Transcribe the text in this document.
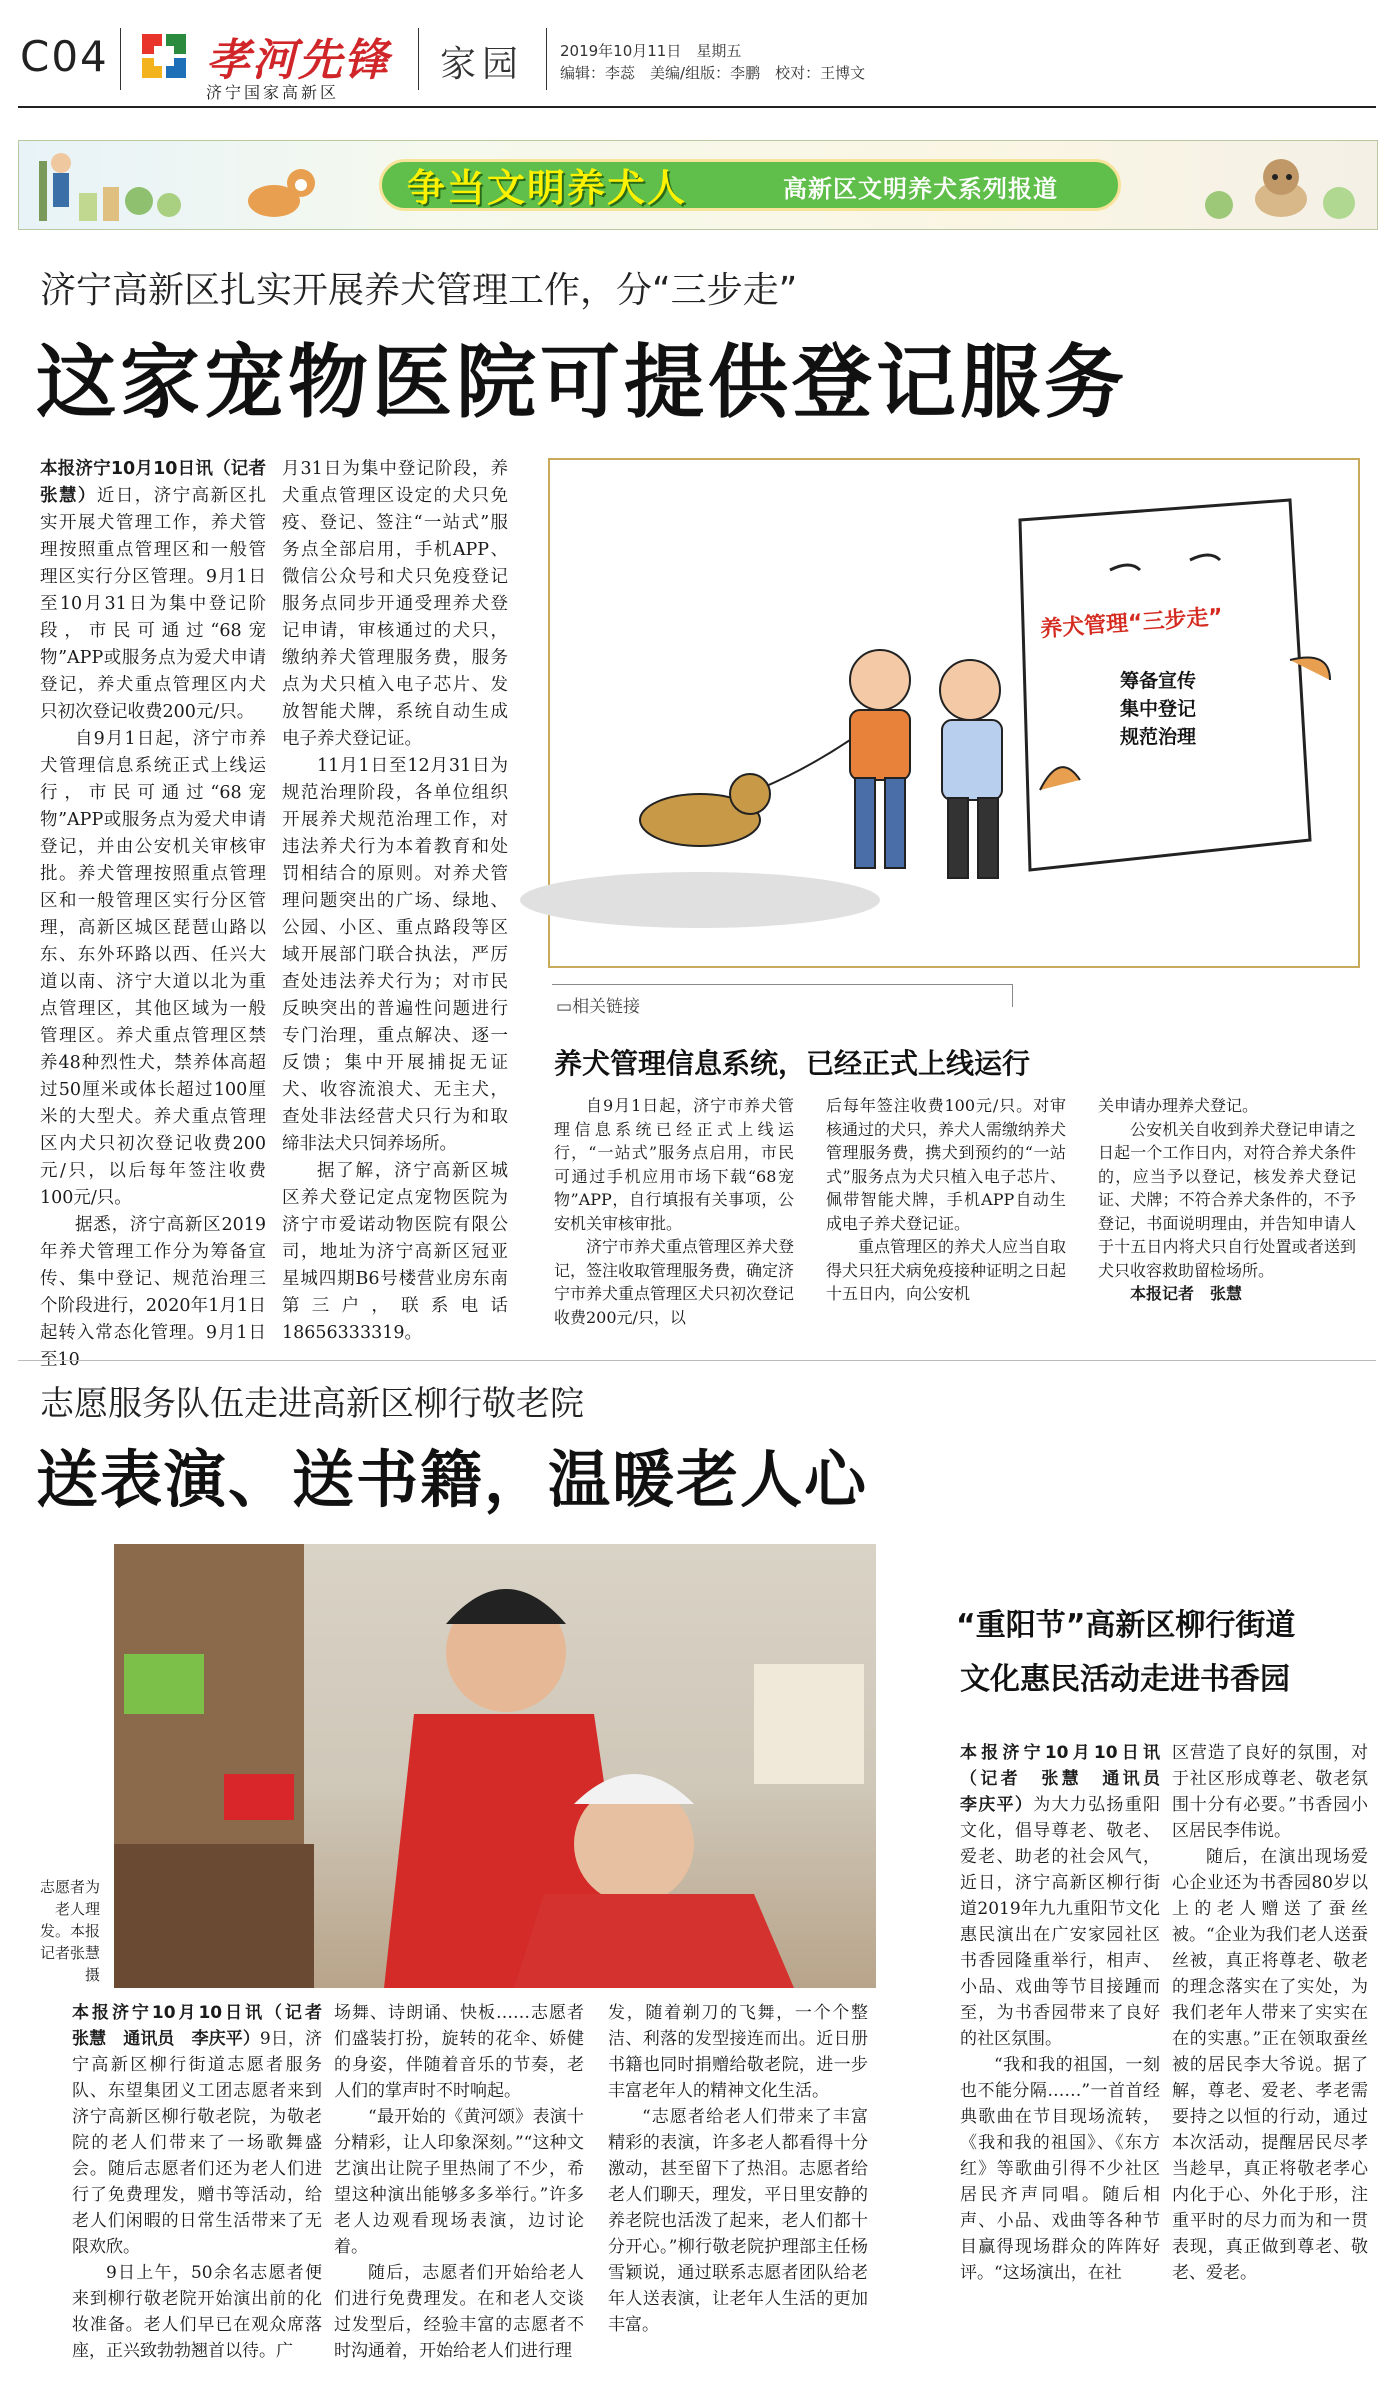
C04 孝河先锋
济宁国家高新区
家园 2019年10月11日　 星期五
编辑：李蕊　 美编/组版：李鹏　 校对：王博文
争当文明养犬人	高新区文明养犬系列报道
济宁高新区扎实开展养犬管理工作，分“三步走”
这家宠物医院可提供登记服务

本报济宁10月10日讯（记者　张慧）近日，济宁高新区扎实开展犬管理工作，养犬管理按照重点管理区和一般管理区实行分区管理。9月1日至10月31日为集中登记阶段，市民可通过“68宠物”APP或服务点为爱犬申请登记，养犬重点管理区内犬只初次登记收费200元/只。

自9月1日起，济宁市养犬管理信息系统正式上线运行，市民可通过“68宠物”APP或服务点为爱犬申请登记，并由公安机关审核审批。养犬管理按照重点管理区和一般管理区实行分区管理，高新区城区琵琶山路以东、东外环路以西、任兴大道以南、济宁大道以北为重点管理区，其他区域为一般管理区。养犬重点管理区禁养48种烈性犬，禁养体高超过50厘米或体长超过100厘米的大型犬。养犬重点管理区内犬只初次登记收费200元/只，以后每年签注收费100元/只。

据悉，济宁高新区2019年养犬管理工作分为筹备宣传、集中登记、规范治理三个阶段进行，2020年1月1日起转入常态化管理。9月1日至10

月31日为集中登记阶段，养犬重点管理区设定的犬只免疫、登记、签注“一站式”服务点全部启用，手机APP、微信公众号和犬只免疫登记服务点同步开通受理养犬登记申请，审核通过的犬只，缴纳养犬管理服务费，服务点为犬只植入电子芯片、发放智能犬牌，系统自动生成电子养犬登记证。

11月1日至12月31日为规范治理阶段，各单位组织开展养犬规范治理工作，对违法养犬行为本着教育和处罚相结合的原则。对养犬管理问题突出的广场、绿地、公园、小区、重点路段等区域开展部门联合执法，严厉查处违法养犬行为；对市民反映突出的普遍性问题进行专门治理，重点解决、逐一反馈；集中开展捕捉无证犬、收容流浪犬、无主犬，查处非法经营犬只行为和取缔非法犬只饲养场所。

据了解，济宁高新区城区养犬登记定点宠物医院为济宁市爱诺动物医院有限公司，地址为济宁高新区冠亚星城四期B6号楼营业房东南第三户，联系电话18656333319。

养犬管理“三步走”
筹备宣传
集中登记
规范治理
▭相关链接
养犬管理信息系统，已经正式上线运行

自9月1日起，济宁市养犬管理信息系统已经正式上线运行，“一站式”服务点启用，市民可通过手机应用市场下载“68宠物”APP，自行填报有关事项，公安机关审核审批。

济宁市养犬重点管理区养犬登记，签注收取管理服务费，确定济宁市养犬重点管理区犬只初次登记收费200元/只，以

后每年签注收费100元/只。对审核通过的犬只，养犬人需缴纳养犬管理服务费，携犬到预约的“一站式”服务点为犬只植入电子芯片、佩带智能犬牌，手机APP自动生成电子养犬登记证。

重点管理区的养犬人应当自取得犬只狂犬病免疫接种证明之日起十五日内，向公安机

关申请办理养犬登记。

公安机关自收到养犬登记申请之日起一个工作日内，对符合养犬条件的，应当予以登记，核发养犬登记证、犬牌；不符合养犬条件的，不予登记，书面说明理由，并告知申请人于十五日内将犬只自行处置或者送到犬只收容救助留检场所。

本报记者　张慧

志愿服务队伍走进高新区柳行敬老院
送表演、送书籍，温暖老人心
志愿者为老人理发。本报记者张慧摄

本报济宁10月10日讯（记者　张慧　通讯员　李庆平）9日，济宁高新区柳行街道志愿者服务队、东望集团义工团志愿者来到济宁高新区柳行敬老院，为敬老院的老人们带来了一场歌舞盛会。随后志愿者们还为老人们进行了免费理发，赠书等活动，给老人们闲暇的日常生活带来了无限欢欣。

9日上午，50余名志愿者便来到柳行敬老院开始演出前的化妆准备。老人们早已在观众席落座，正兴致勃勃翘首以待。广

场舞、诗朗诵、快板……志愿者们盛装打扮，旋转的花伞、娇健的身姿，伴随着音乐的节奏，老人们的掌声时不时响起。

“最开始的《黄河颂》表演十分精彩，让人印象深刻。”“这种文艺演出让院子里热闹了不少，希望这种演出能够多多举行。”许多老人边观看现场表演，边讨论着。

随后，志愿者们开始给老人们进行免费理发。在和老人交谈过发型后，经验丰富的志愿者不时沟通着，开始给老人们进行理

发，随着剃刀的飞舞，一个个整洁、利落的发型接连而出。近日册书籍也同时捐赠给敬老院，进一步丰富老年人的精神文化生活。

“志愿者给老人们带来了丰富精彩的表演，许多老人都看得十分激动，甚至留下了热泪。志愿者给老人们聊天，理发，平日里安静的养老院也活泼了起来，老人们都十分开心。”柳行敬老院护理部主任杨雪颖说，通过联系志愿者团队给老年人送表演，让老年人生活的更加丰富。

“重阳节”高新区柳行街道
文化惠民活动走进书香园

本报济宁10月10日讯（记者　张慧　通讯员　李庆平）为大力弘扬重阳文化，倡导尊老、敬老、爱老、助老的社会风气，近日，济宁高新区柳行街道2019年九九重阳节文化惠民演出在广安家园社区书香园隆重举行，相声、小品、戏曲等节目接踵而至，为书香园带来了良好的社区氛围。

“我和我的祖国，一刻也不能分隔……”一首首经典歌曲在节目现场流转，《我和我的祖国》、《东方红》等歌曲引得不少社区居民齐声同唱。随后相声、小品、戏曲等各种节目赢得现场群众的阵阵好评。“这场演出，在社

区营造了良好的氛围，对于社区形成尊老、敬老氛围十分有必要。”书香园小区居民李伟说。

随后，在演出现场爱心企业还为书香园80岁以上的老人赠送了蚕丝被。“企业为我们老人送蚕丝被，真正将尊老、敬老的理念落实在了实处，为我们老年人带来了实实在在的实惠。”正在领取蚕丝被的居民李大爷说。据了解，尊老、爱老、孝老需要持之以恒的行动，通过本次活动，提醒居民尽孝当趁早，真正将敬老孝心内化于心、外化于形，注重平时的尽力而为和一贯表现，真正做到尊老、敬老、爱老。
